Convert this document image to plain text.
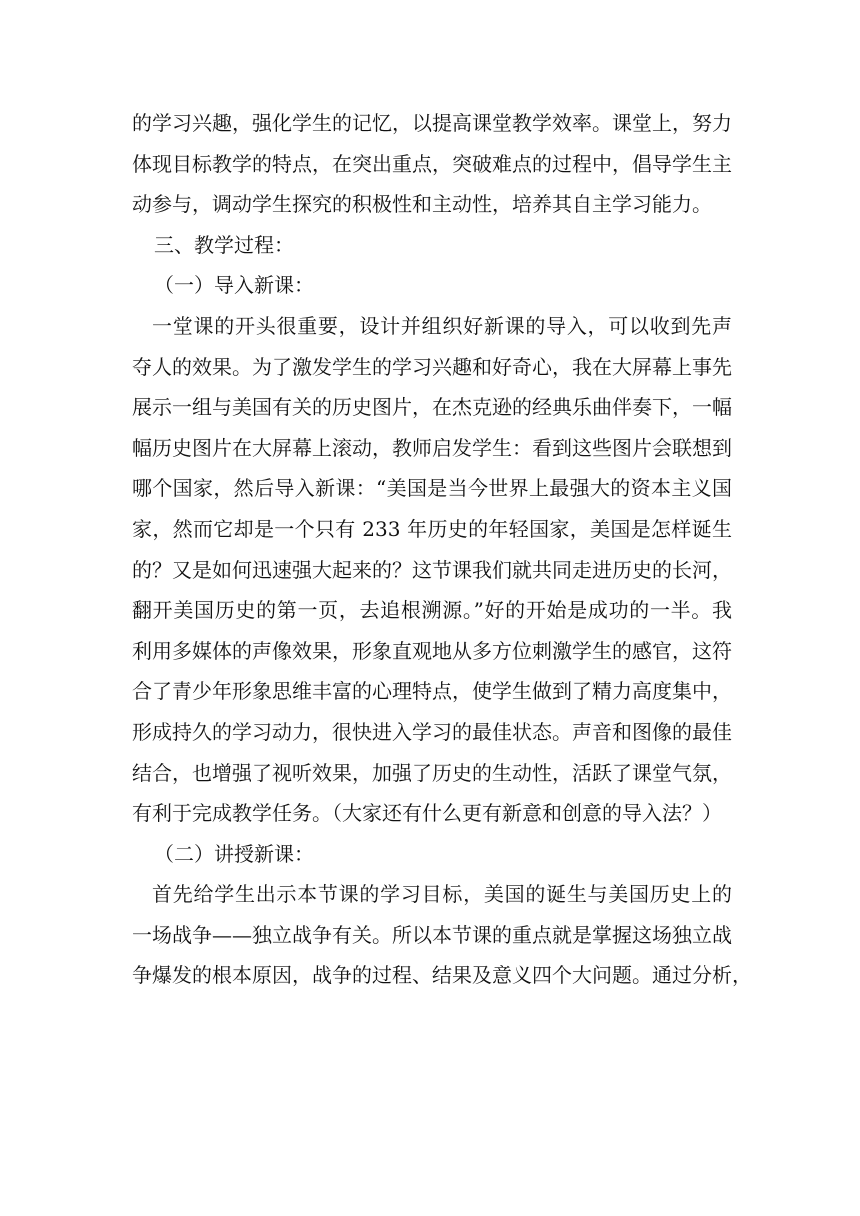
的学习兴趣，强化学生的记忆，以提高课堂教学效率。课堂上，努力
体现目标教学的特点，在突出重点，突破难点的过程中，倡导学生主
动参与，调动学生探究的积极性和主动性，培养其自主学习能力。
三、教学过程：
（一）导入新课：
一堂课的开头很重要，设计并组织好新课的导入，可以收到先声
夺人的效果。为了激发学生的学习兴趣和好奇心，我在大屏幕上事先
展示一组与美国有关的历史图片，在杰克逊的经典乐曲伴奏下，一幅
幅历史图片在大屏幕上滚动，教师启发学生：看到这些图片会联想到
哪个国家，然后导入新课：“美国是当今世界上最强大的资本主义国
家，然而它却是一个只有 233 年历史的年轻国家，美国是怎样诞生
的？又是如何迅速强大起来的？这节课我们就共同走进历史的长河，
翻开美国历史的第一页，去追根溯源。”好的开始是成功的一半。我
利用多媒体的声像效果，形象直观地从多方位刺激学生的感官，这符
合了青少年形象思维丰富的心理特点，使学生做到了精力高度集中，
形成持久的学习动力，很快进入学习的最佳状态。声音和图像的最佳
结合，也增强了视听效果，加强了历史的生动性，活跃了课堂气氛，
有利于完成教学任务。（大家还有什么更有新意和创意的导入法？）
（二）讲授新课：
首先给学生出示本节课的学习目标，美国的诞生与美国历史上的
一场战争——独立战争有关。所以本节课的重点就是掌握这场独立战
争爆发的根本原因，战争的过程、结果及意义四个大问题。通过分析，
